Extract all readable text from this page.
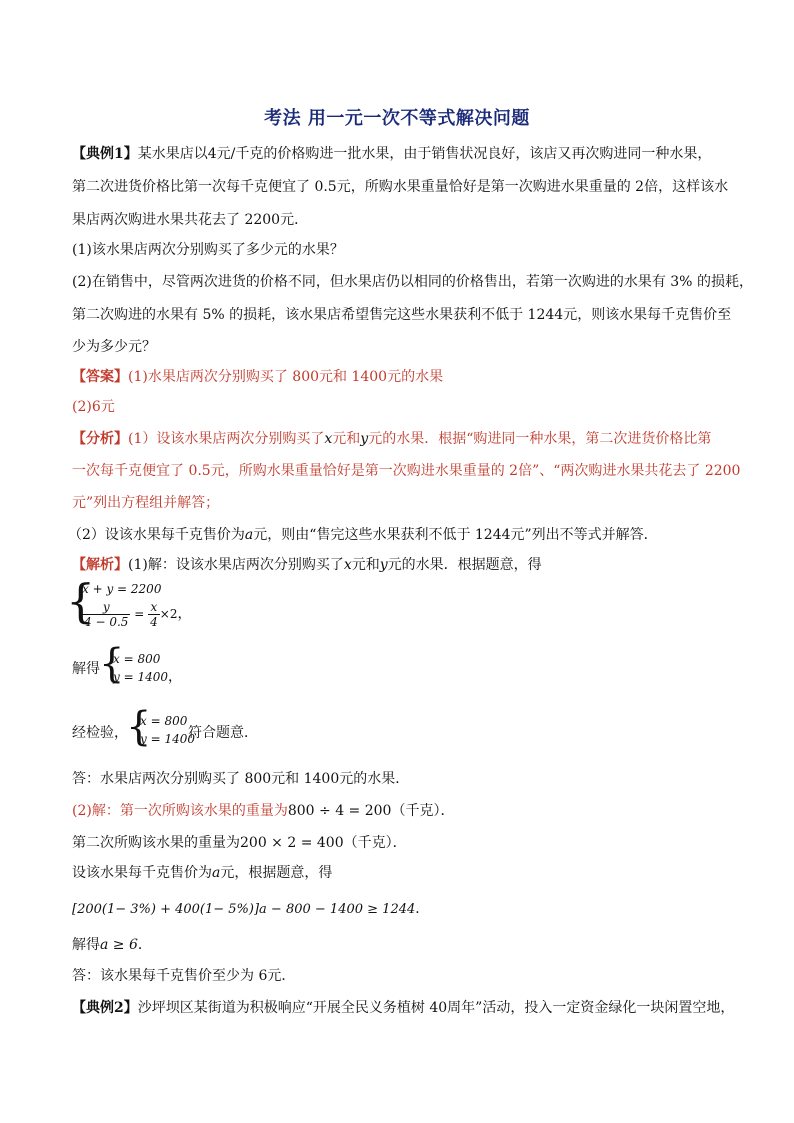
考法 用一元一次不等式解决问题
【典例1】某水果店以4元/千克的价格购进一批水果，由于销售状况良好，该店又再次购进同一种水果，
第二次进货价格比第一次每千克便宜了 0.5元，所购水果重量恰好是第一次购进水果重量的 2倍，这样该水
果店两次购进水果共花去了 2200元．
(1)该水果店两次分别购买了多少元的水果？
(2)在销售中，尽管两次进货的价格不同，但水果店仍以相同的价格售出，若第一次购进的水果有 3% 的损耗，
第二次购进的水果有 5% 的损耗，该水果店希望售完这些水果获利不低于 1244元，则该水果每千克售价至
少为多少元？
【答案】(1)水果店两次分别购买了 800元和 1400元的水果
(2)6元
【分析】(1）设该水果店两次分别购买了x元和y元的水果．根据“购进同一种水果，第二次进货价格比第
一次每千克便宜了 0.5元，所购水果重量恰好是第一次购进水果重量的 2倍”、“两次购进水果共花去了 2200
元”列出方程组并解答；
（2）设该水果每千克售价为a元，则由“售完这些水果获利不低于 1244元”列出不等式并解答．
【解析】(1)解：设该水果店两次分别购买了x元和y元的水果．根据题意，得
{
x + y = 2200
$\frac{y}{4 - 0.5} = \frac{x}{4} \times 2$，
解得 {
x = 800
y = 1400，
经检验，
{
x = 800
y = 1400
符合题意．
答：水果店两次分别购买了 800元和 1400元的水果．
(2)解：第一次所购该水果的重量为800 ÷ 4 = 200（千克）．
第二次所购该水果的重量为200 × 2 = 400（千克）．
设该水果每千克售价为a元，根据题意，得
[200(1− 3%) + 400(1− 5%)]a − 800 − 1400 ≥ 1244．
解得a ≥ 6．
答：该水果每千克售价至少为 6元．
【典例2】沙坪坝区某街道为积极响应“开展全民义务植树 40周年”活动，投入一定资金绿化一块闲置空地，
